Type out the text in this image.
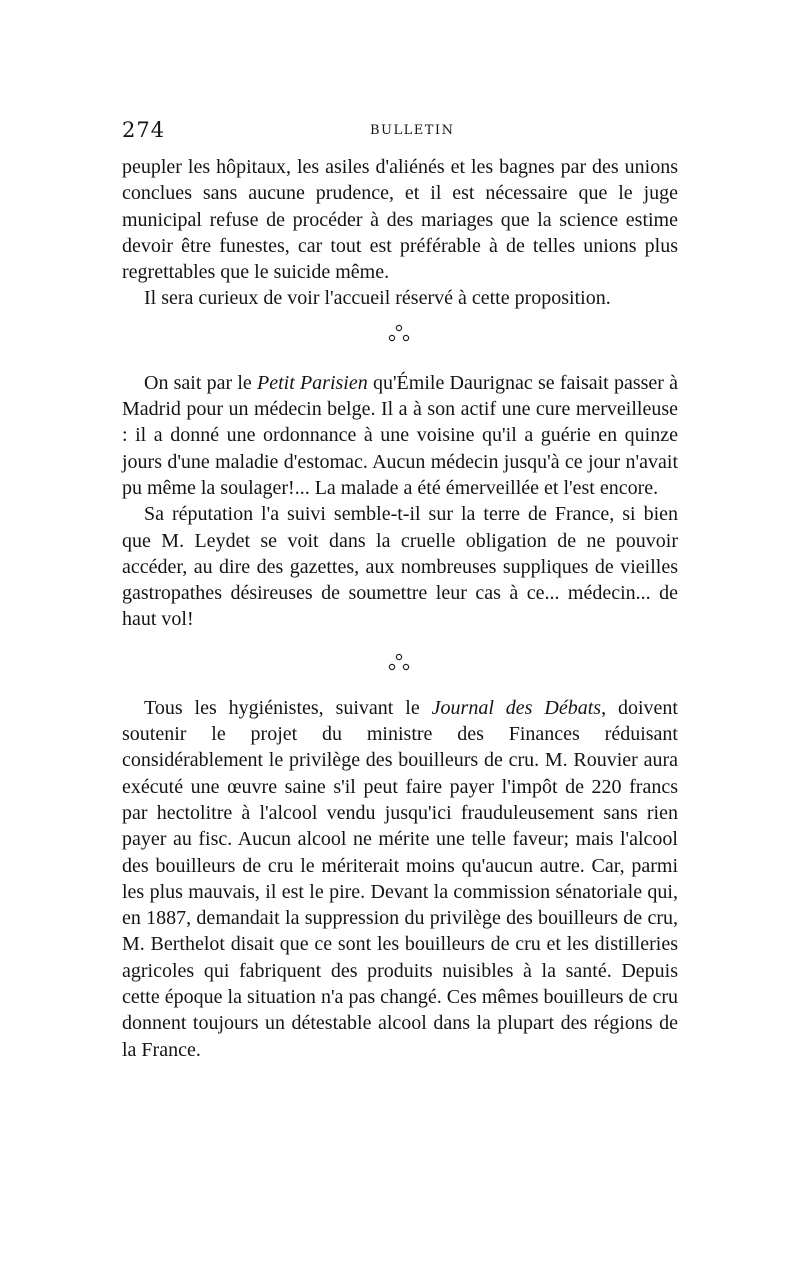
274	BULLETIN

peupler les hôpitaux, les asiles d'aliénés et les bagnes par des unions conclues sans aucune prudence, et il est nécessaire que le juge municipal refuse de procéder à des mariages que la science estime devoir être funestes, car tout est préférable à de telles unions plus regrettables que le suicide même.

Il sera curieux de voir l'accueil réservé à cette proposition.

On sait par le Petit Parisien qu'Émile Daurignac se faisait passer à Madrid pour un médecin belge. Il a à son actif une cure merveilleuse : il a donné une ordonnance à une voisine qu'il a guérie en quinze jours d'une maladie d'estomac. Aucun médecin jusqu'à ce jour n'avait pu même la soulager!... La malade a été émerveillée et l'est encore.

Sa réputation l'a suivi semble-t-il sur la terre de France, si bien que M. Leydet se voit dans la cruelle obligation de ne pouvoir accéder, au dire des gazettes, aux nombreuses suppliques de vieilles gastropathes désireuses de soumettre leur cas à ce... médecin... de haut vol!

Tous les hygiénistes, suivant le Journal des Débats, doivent soutenir le projet du ministre des Finances réduisant considérablement le privilège des bouilleurs de cru. M. Rouvier aura exécuté une œuvre saine s'il peut faire payer l'impôt de 220 francs par hectolitre à l'alcool vendu jusqu'ici frauduleusement sans rien payer au fisc. Aucun alcool ne mérite une telle faveur; mais l'alcool des bouilleurs de cru le mériterait moins qu'aucun autre. Car, parmi les plus mauvais, il est le pire. Devant la commission sénatoriale qui, en 1887, demandait la suppression du privilège des bouilleurs de cru, M. Berthelot disait que ce sont les bouilleurs de cru et les distilleries agricoles qui fabriquent des produits nuisibles à la santé. Depuis cette époque la situation n'a pas changé. Ces mêmes bouilleurs de cru donnent toujours un détestable alcool dans la plupart des régions de la France.
